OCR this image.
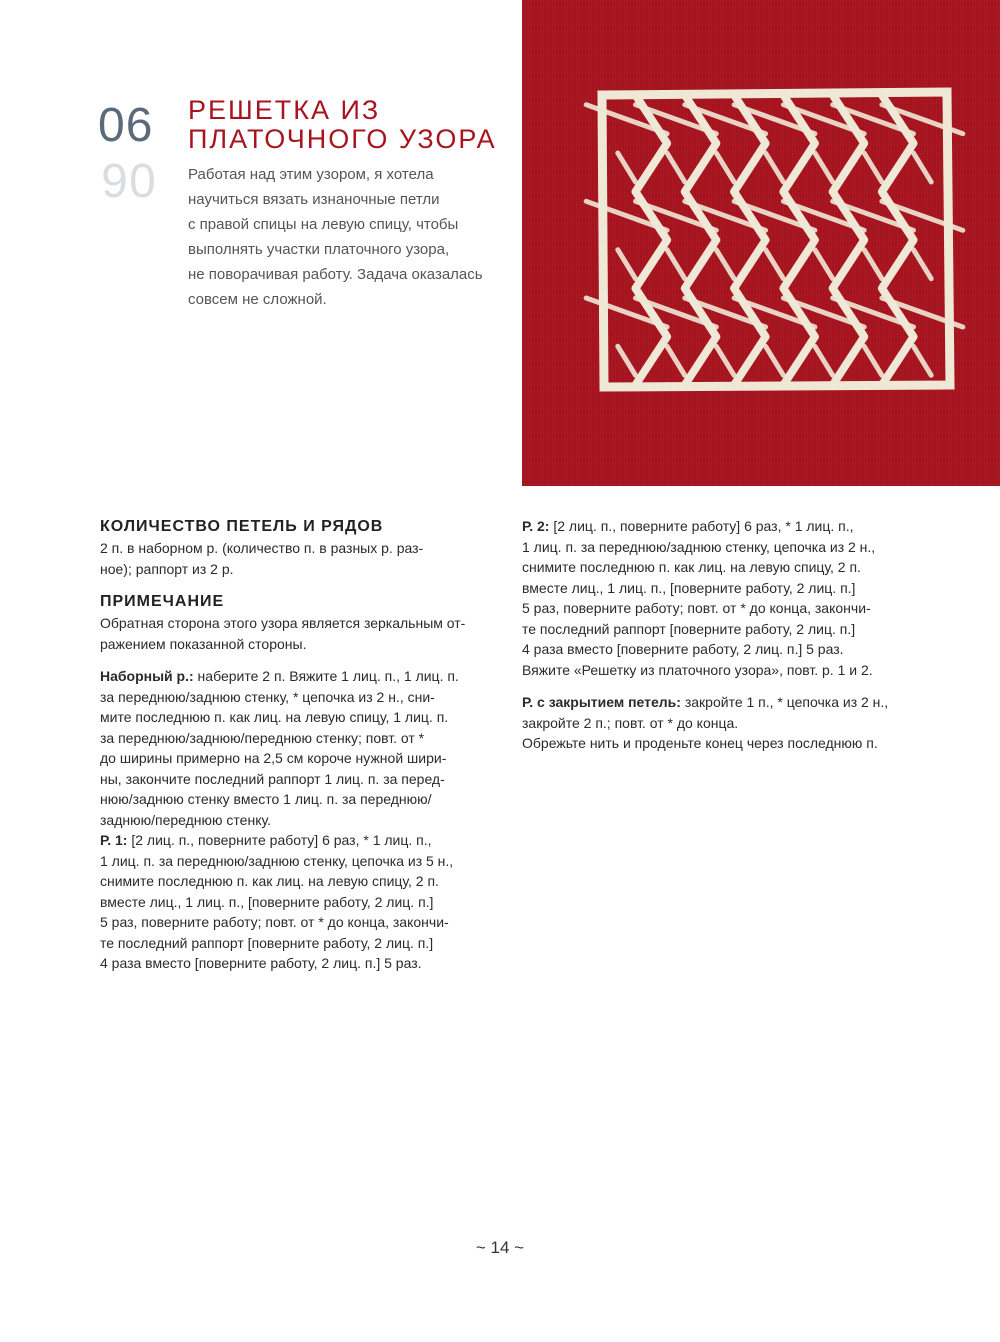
06
06
РЕШЕТКА ИЗ
ПЛАТОЧНОГО УЗОРА
Работая над этим узором, я хотела
научиться вязать изнаночные петли
с правой спицы на левую спицу, чтобы
выполнять участки платочного узора,
не поворачивая работу. Задача оказалась
совсем не сложной.
КОЛИЧЕСТВО ПЕТЕЛЬ И РЯДОВ
2 п. в наборном р. (количество п. в разных р. раз-
ное); раппорт из 2 р.
ПРИМЕЧАНИЕ
Обратная сторона этого узора является зеркальным от-
ражением показанной стороны.
Наборный р.: наберите 2 п. Вяжите 1 лиц. п., 1 лиц. п.
за переднюю/заднюю стенку, * цепочка из 2 н., сни-
мите последнюю п. как лиц. на левую спицу, 1 лиц. п.
за переднюю/заднюю/переднюю стенку; повт. от *
до ширины примерно на 2,5 см короче нужной шири-
ны, закончите последний раппорт 1 лиц. п. за перед-
нюю/заднюю стенку вместо 1 лиц. п. за переднюю/
заднюю/переднюю стенку.
Р. 1: [2 лиц. п., поверните работу] 6 раз, * 1 лиц. п.,
1 лиц. п. за переднюю/заднюю стенку, цепочка из 5 н.,
снимите последнюю п. как лиц. на левую спицу, 2 п.
вместе лиц., 1 лиц. п., [поверните работу, 2 лиц. п.]
5 раз, поверните работу; повт. от * до конца, закончи-
те последний раппорт [поверните работу, 2 лиц. п.]
4 раза вместо [поверните работу, 2 лиц. п.] 5 раз.
Р. 2: [2 лиц. п., поверните работу] 6 раз, * 1 лиц. п.,
1 лиц. п. за переднюю/заднюю стенку, цепочка из 2 н.,
снимите последнюю п. как лиц. на левую спицу, 2 п.
вместе лиц., 1 лиц. п., [поверните работу, 2 лиц. п.]
5 раз, поверните работу; повт. от * до конца, закончи-
те последний раппорт [поверните работу, 2 лиц. п.]
4 раза вместо [поверните работу, 2 лиц. п.] 5 раз.
Вяжите «Решетку из платочного узора», повт. р. 1 и 2.
Р. с закрытием петель: закройте 1 п., * цепочка из 2 н.,
закройте 2 п.; повт. от * до конца.
Обрежьте нить и проденьте конец через последнюю п.
~ 14 ~
